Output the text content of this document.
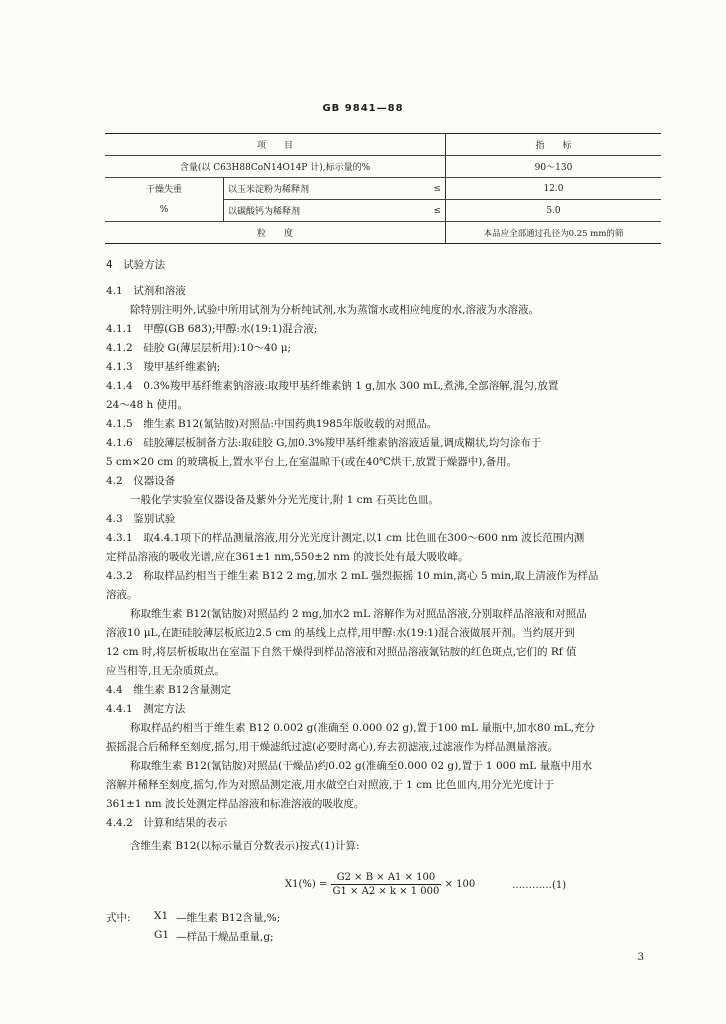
GB 9841—88
项　　目			指　　标
含量(以 C63H88CoN14O14P 计),标示量的%			90～130
干燥失重	以玉米淀粉为稀释剂	≤	12.0
%	以碳酸钙为稀释剂	≤	5.0
粒　　度			本品应全部通过孔径为0.25 mm的筛
4　试验方法
4.1　试剂和溶液
除特别注明外,试验中所用试剂为分析纯试剂,水为蒸馏水或相应纯度的水,溶液为水溶液。
4.1.1　甲醇(GB 683);甲醇:水(19:1)混合液;
4.1.2　硅胶 G(薄层层析用):10～40 μ;
4.1.3　羧甲基纤维素钠;
4.1.4　0.3%羧甲基纤维素钠溶液:取羧甲基纤维素钠 1 g,加水 300 mL,煮沸,全部溶解,混匀,放置
24～48 h 使用。
4.1.5　维生素 B12(氰钴胺)对照品:中国药典1985年版收载的对照品。
4.1.6　硅胶薄层板制备方法:取硅胶 G,加0.3%羧甲基纤维素钠溶液适量,调成糊状,均匀涂布于
5 cm×20 cm 的玻璃板上,置水平台上,在室温晾干(或在40℃烘干,放置于燥器中),备用。
4.2　仪器设备
一般化学实验室仪器设备及紫外分光光度计,附 1 cm 石英比色皿。
4.3　鉴别试验
4.3.1　取4.4.1项下的样品测量溶液,用分光光度计测定,以1 cm 比色皿在300～600 nm 波长范围内测
定样品溶液的吸收光谱,应在361±1 nm,550±2 nm 的波长处有最大吸收峰。
4.3.2　称取样品约相当于维生素 B12 2 mg,加水 2 mL 强烈振摇 10 min,离心 5 min,取上清液作为样品
溶液。
称取维生素 B12(氰钴胺)对照品约 2 mg,加水2 mL 溶解作为对照品溶液,分别取样品溶液和对照品
溶液10 μL,在距硅胶薄层板底边2.5 cm 的基线上点样,用甲醇:水(19:1)混合液做展开剂。当约展开到
12 cm 时,将层析板取出在室温下自然干燥得到样品溶液和对照品溶液氰钴胺的红色斑点,它们的 Rf 值
应当相等,且无杂质斑点。
4.4　维生素 B12含量测定
4.4.1　测定方法
称取样品约相当于维生素 B12 0.002 g(准确至 0.000 02 g),置于100 mL 量瓶中,加水80 mL,充分
振摇混合后稀释至刻度,摇匀,用干燥滤纸过滤(必要时离心),弃去初滤液,过滤液作为样品测量溶液。
称取维生素 B12(氰钴胺)对照品(干燥品)约0.02 g(准确至0.000 02 g),置于 1 000 mL 量瓶中用水
溶解并稀释至刻度,摇匀,作为对照品测定液,用水做空白对照液,于 1 cm 比色皿内,用分光光度计于
361±1 nm 波长处测定样品溶液和标准溶液的吸收度。
4.4.2　计算和结果的表示
含维生素 B12(以标示量百分数表示)按式(1)计算:
$X1(\%) = \frac{G2 \times B \times A1 \times 100}{G1 \times A2 \times k \times 1 000} \times 100$	…………(1)
式中: X1 —维生素 B12含量,%;
G1 —样品干燥品重量,g;
3
